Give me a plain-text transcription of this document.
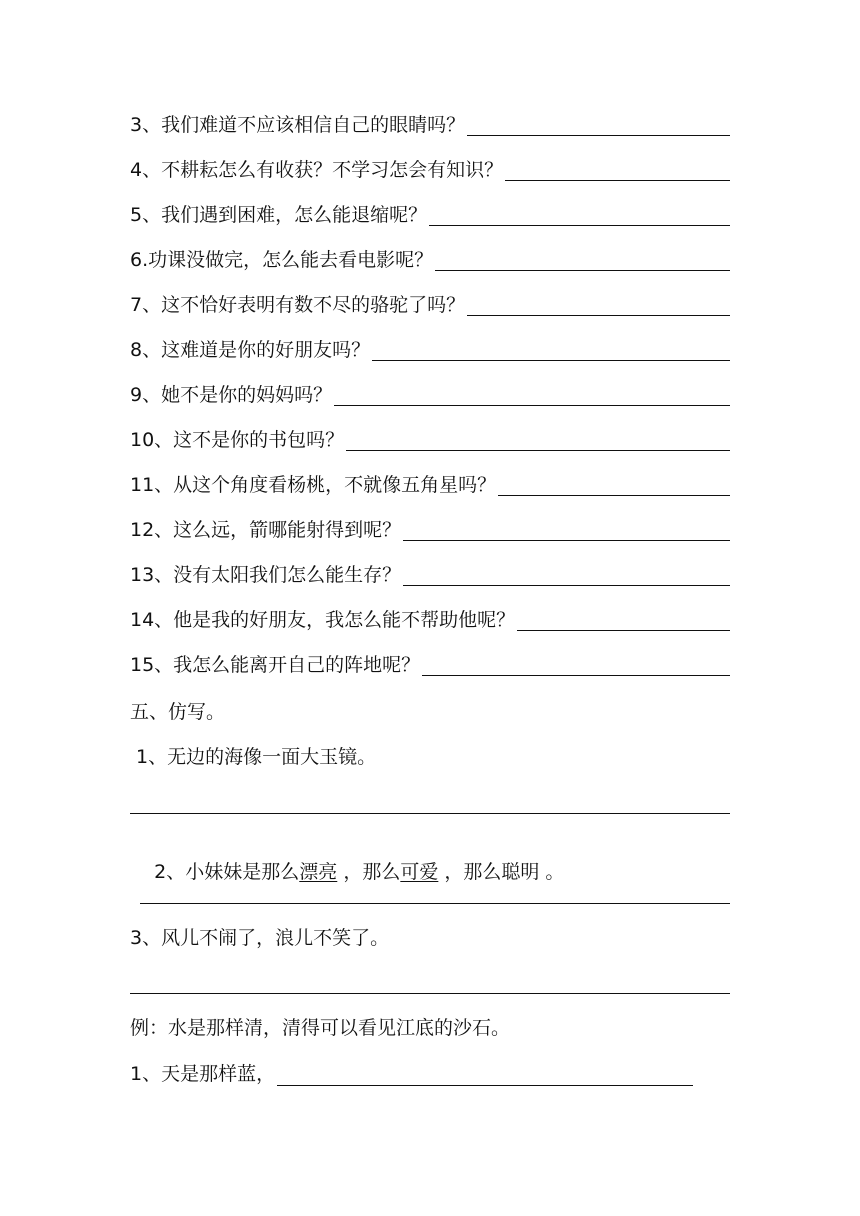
3、我们难道不应该相信自己的眼睛吗？
4、不耕耘怎么有收获？不学习怎会有知识？
5、我们遇到困难，怎么能退缩呢？
6.功课没做完，怎么能去看电影呢？
7、这不恰好表明有数不尽的骆驼了吗？
8、这难道是你的好朋友吗？
9、她不是你的妈妈吗？
10、这不是你的书包吗？
11、从这个角度看杨桃，不就像五角星吗？
12、这么远，箭哪能射得到呢？
13、没有太阳我们怎么能生存？
14、他是我的好朋友，我怎么能不帮助他呢？
15、我怎么能离开自己的阵地呢？
五、仿写。
1、无边的海像一面大玉镜。

2、小妹妹是那么漂亮 ，那么可爱 ，那么聪明 。

3、风儿不闹了，浪儿不笑了。
例：水是那样清，清得可以看见江底的沙石。
1、天是那样蓝，
